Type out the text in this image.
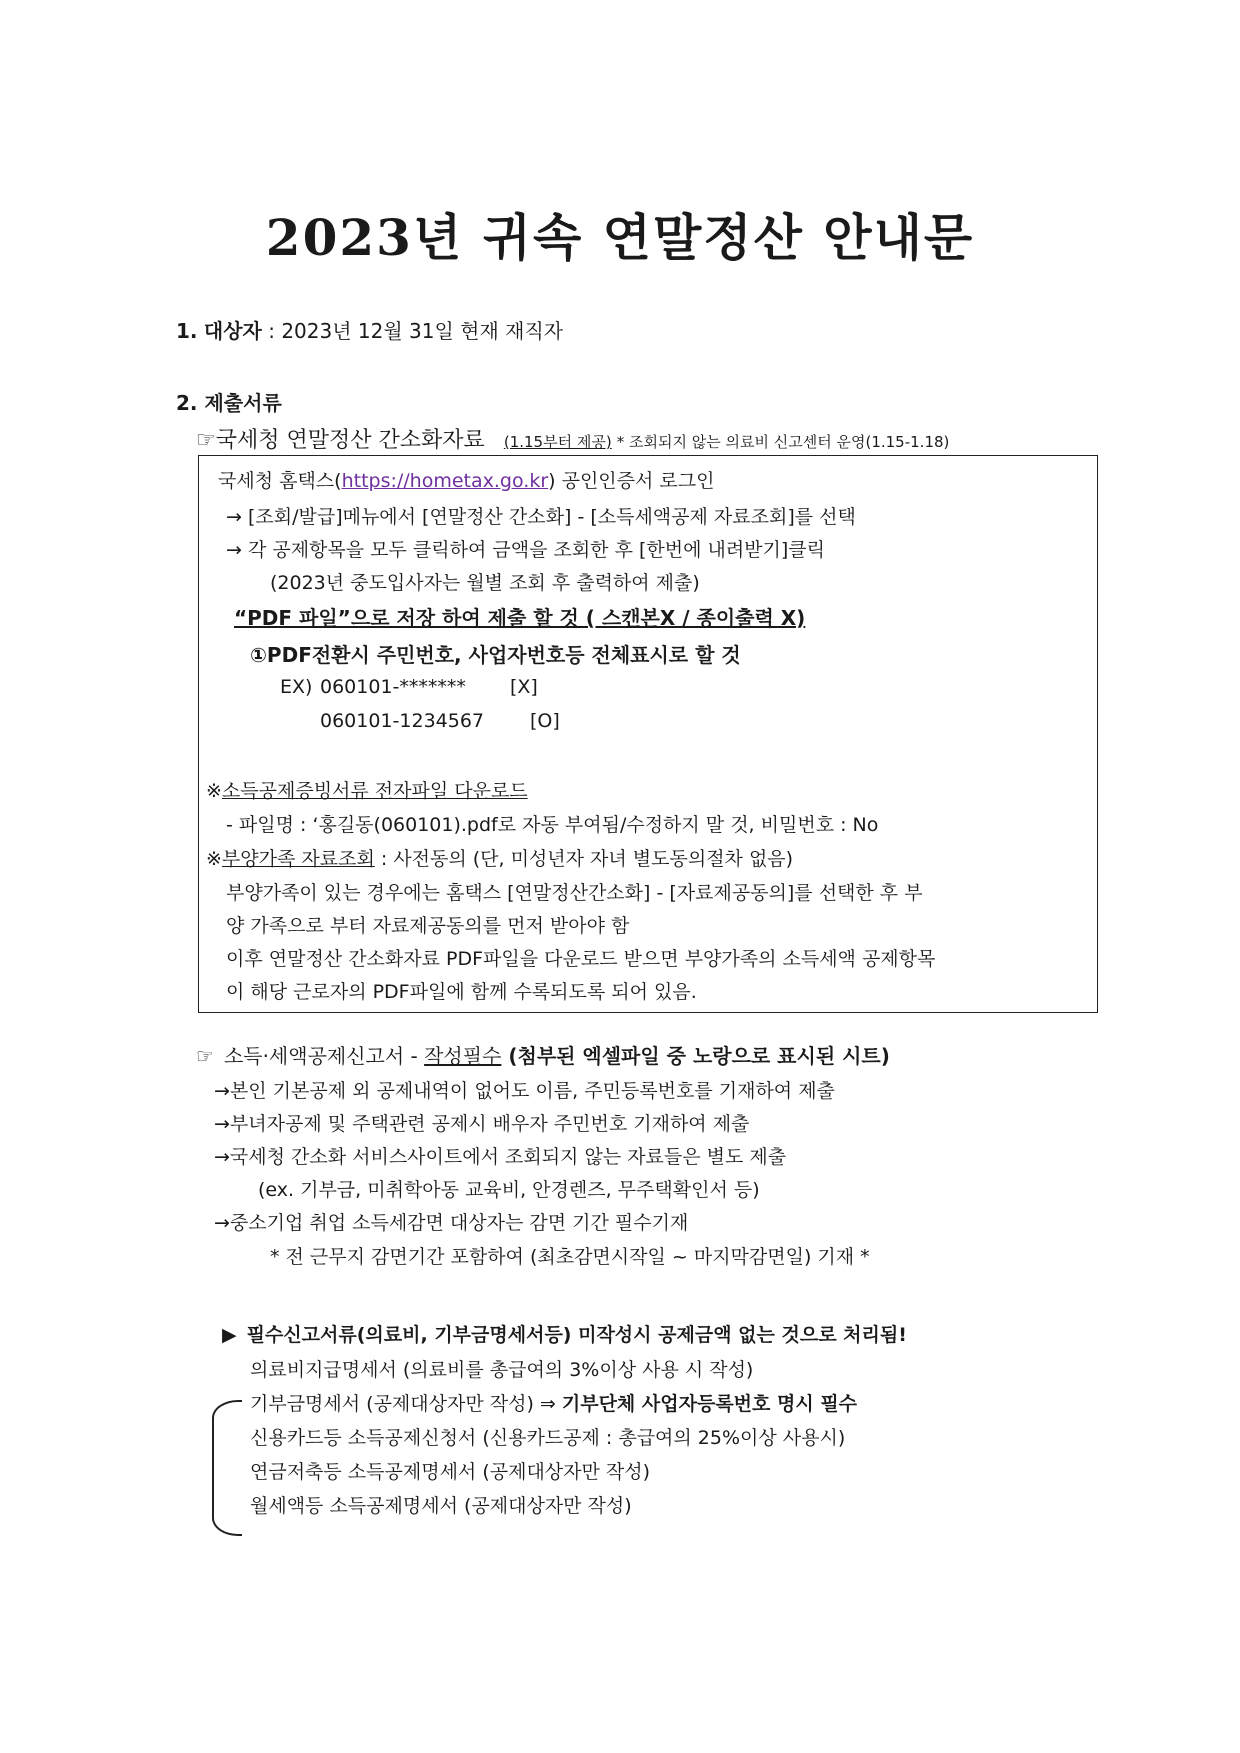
2023년 귀속 연말정산 안내문
1. 대상자 : 2023년 12월 31일 현재 재직자
2. 제출서류
☞국세청 연말정산 간소화자료 (1.15부터 제공) * 조회되지 않는 의료비 신고센터 운영(1.15-1.18)
국세청 홈택스(https://hometax.go.kr) 공인인증서 로그인
→ [조회/발급]메뉴에서 [연말정산 간소화] - [소득세액공제 자료조회]를 선택
→ 각 공제항목을 모두 클릭하여 금액을 조회한 후 [한번에 내려받기]클릭
(2023년 중도입사자는 월별 조회 후 출력하여 제출)
“PDF 파일”으로 저장 하여 제출 할 것 ( 스캔본X / 종이출력 X)
①PDF전환시 주민번호, 사업자번호등 전체표시로 할 것
EX) 060101-******* [X]
060101-1234567 [O]
※소득공제증빙서류 전자파일 다운로드
- 파일명 : ‘홍길동(060101).pdf로 자동 부여됨/수정하지 말 것, 비밀번호 : No
※부양가족 자료조회 : 사전동의 (단, 미성년자 자녀 별도동의절차 없음)
부양가족이 있는 경우에는 홈택스 [연말정산간소화] - [자료제공동의]를 선택한 후 부
양 가족으로 부터 자료제공동의를 먼저 받아야 함
이후 연말정산 간소화자료 PDF파일을 다운로드 받으면 부양가족의 소득세액 공제항목
이 해당 근로자의 PDF파일에 함께 수록되도록 되어 있음.
☞ 소득·세액공제신고서 - 작성필수 (첨부된 엑셀파일 중 노랑으로 표시된 시트)
→본인 기본공제 외 공제내역이 없어도 이름, 주민등록번호를 기재하여 제출
→부녀자공제 및 주택관련 공제시 배우자 주민번호 기재하여 제출
→국세청 간소화 서비스사이트에서 조회되지 않는 자료들은 별도 제출
(ex. 기부금, 미취학아동 교육비, 안경렌즈, 무주택확인서 등)
→중소기업 취업 소득세감면 대상자는 감면 기간 필수기재
* 전 근무지 감면기간 포함하여 (최초감면시작일 ~ 마지막감면일) 기재 *
▶ 필수신고서류(의료비, 기부금명세서등) 미작성시 공제금액 없는 것으로 처리됨!
의료비지급명세서 (의료비를 총급여의 3%이상 사용 시 작성)
기부금명세서 (공제대상자만 작성) ⇒ 기부단체 사업자등록번호 명시 필수
신용카드등 소득공제신청서 (신용카드공제 : 총급여의 25%이상 사용시)
연금저축등 소득공제명세서 (공제대상자만 작성)
월세액등 소득공제명세서 (공제대상자만 작성)
